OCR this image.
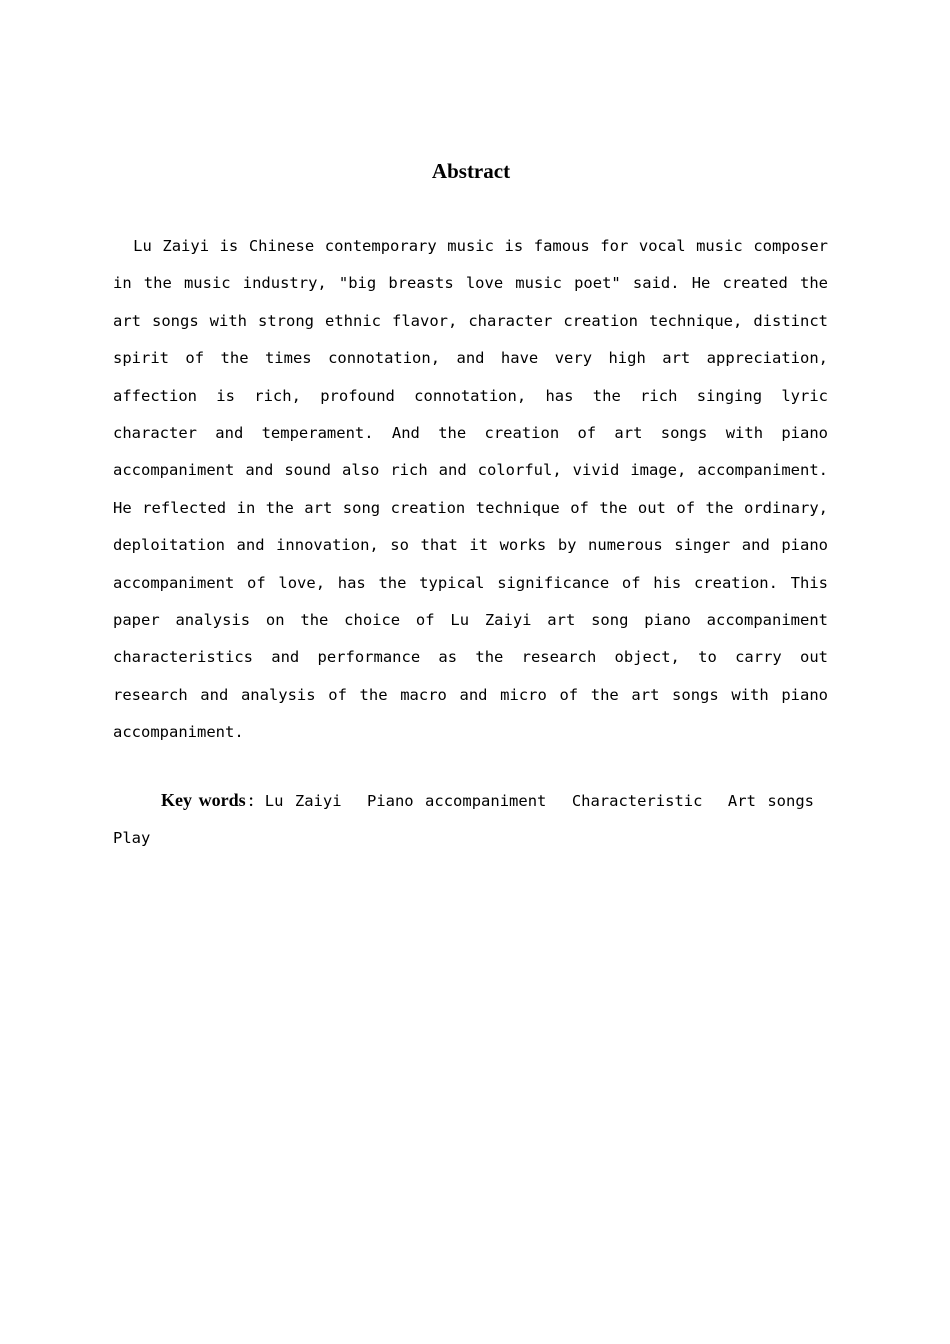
Abstract

Lu Zaiyi is Chinese contemporary music is famous for vocal music composer in the music industry, "big breasts love music poet" said. He created the art songs with strong ethnic flavor, character creation technique, distinct spirit of the times connotation, and have very high art appreciation, affection is rich, profound connotation, has the rich singing lyric character and temperament. And the creation of art songs with piano accompaniment and sound also rich and colorful, vivid image, accompaniment. He reflected in the art song creation technique of the out of the ordinary, deploitation and innovation, so that it works by numerous singer and piano accompaniment of love, has the typical significance of his creation. This paper analysis on the choice of Lu Zaiyi art song piano accompaniment characteristics and performance as the research object, to carry out research and analysis of the macro and micro of the art songs with piano accompaniment.

Key words：Lu Zaiyi Piano accompaniment Characteristic Art songs Play
